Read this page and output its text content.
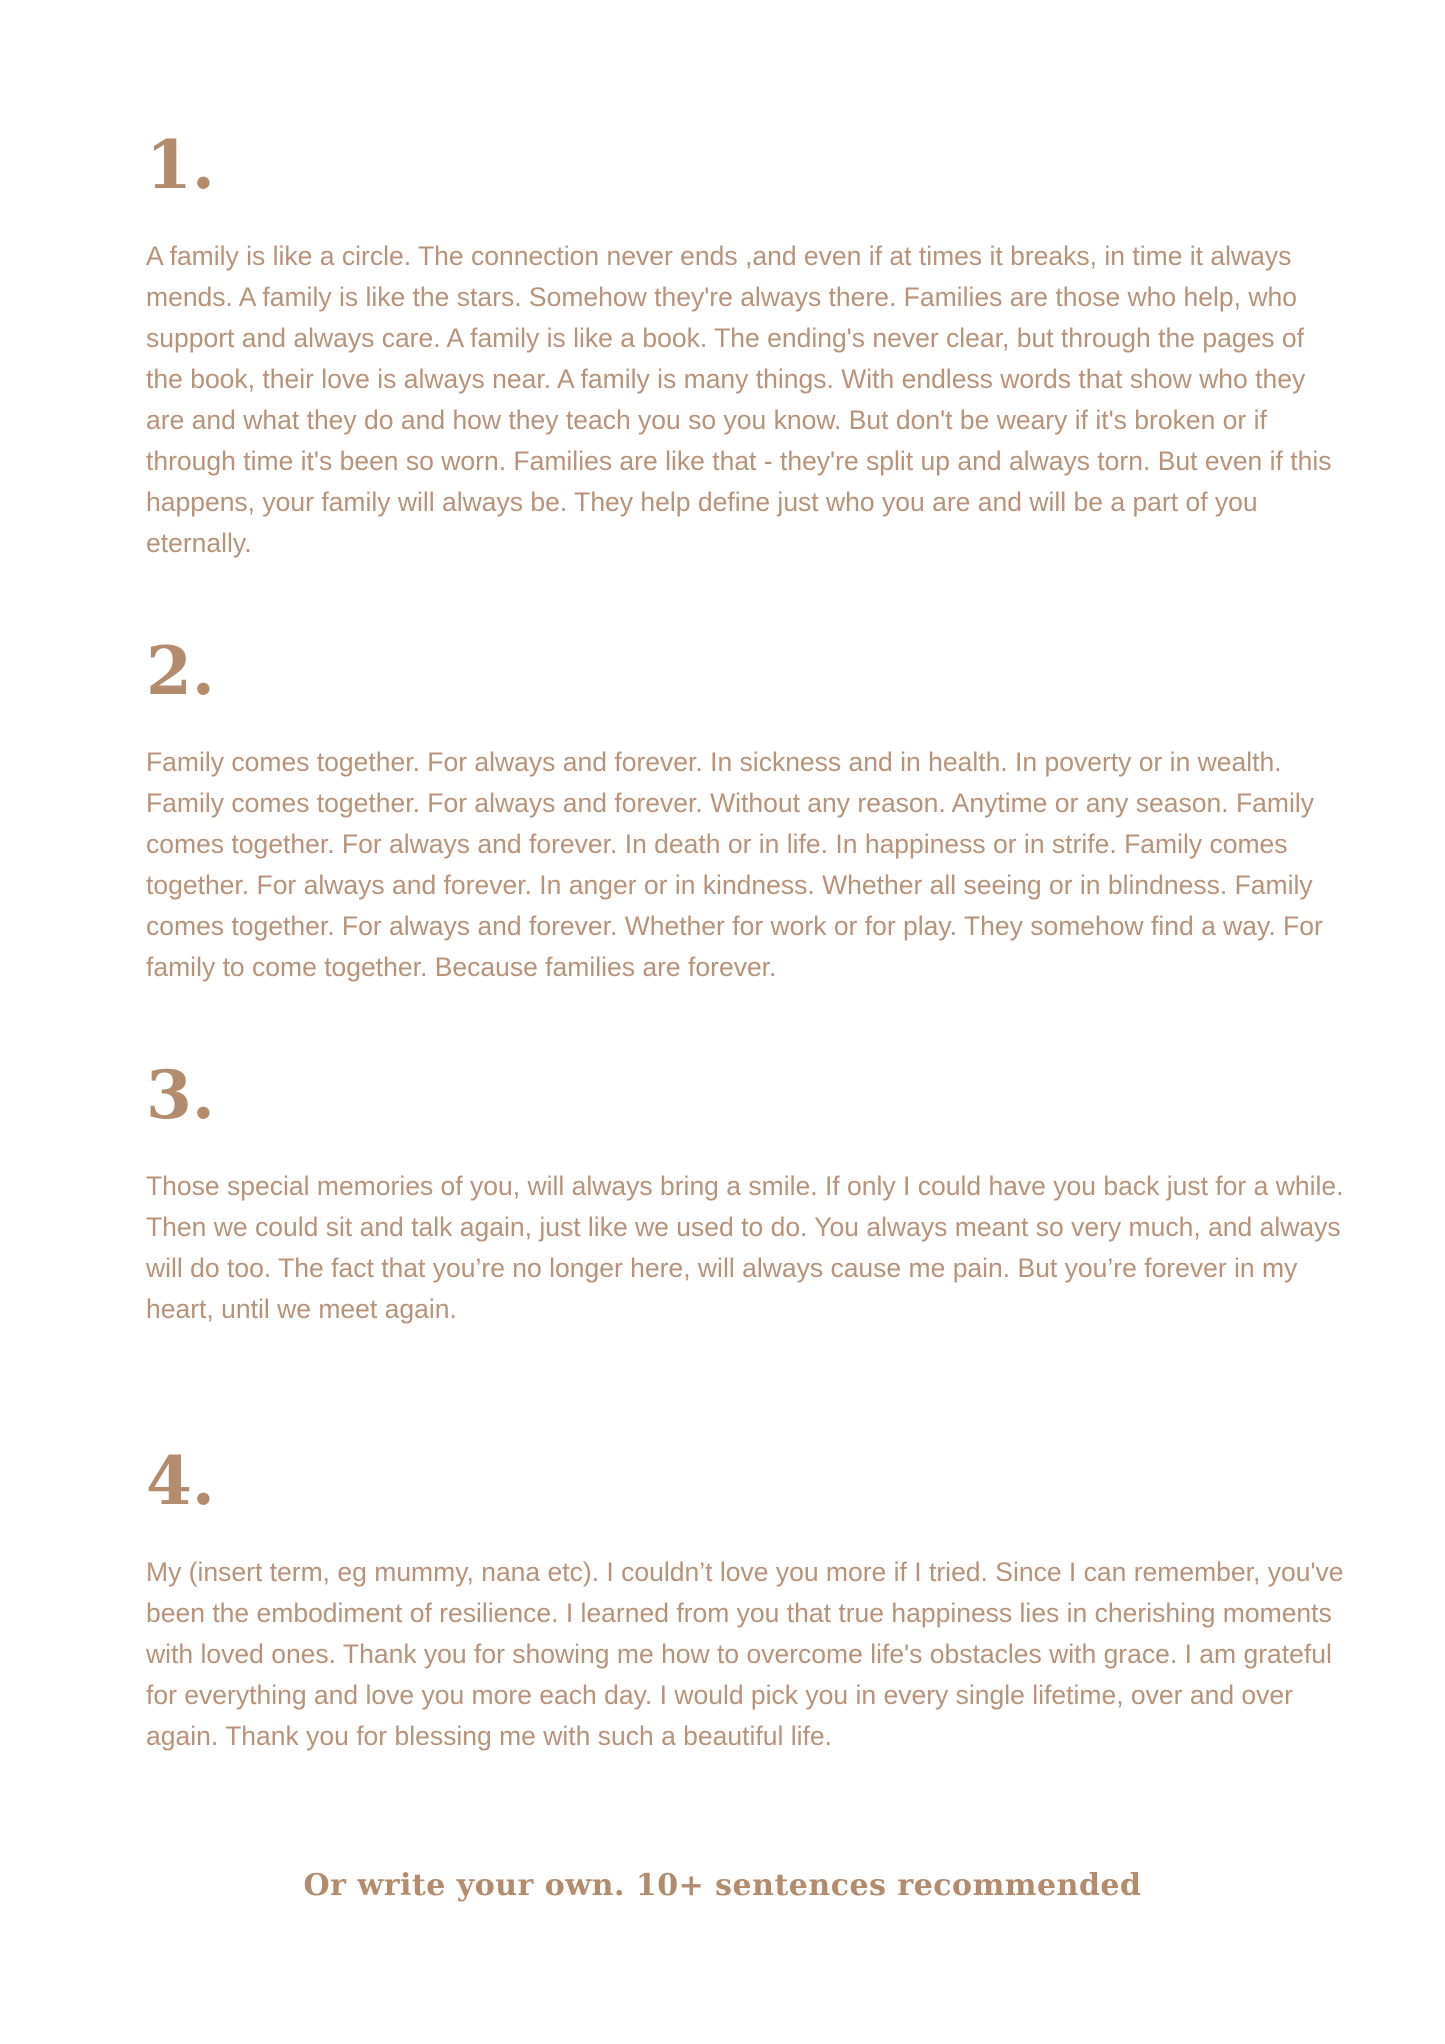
1.

A family is like a circle. The connection never ends ,and even if at times it breaks, in time it always mends. A family is like the stars. Somehow they're always there. Families are those who help, who support and always care. A family is like a book. The ending's never clear, but through the pages of the book, their love is always near. A family is many things. With endless words that show who they are and what they do and how they teach you so you know. But don't be weary if it's broken or if through time it's been so worn. Families are like that - they're split up and always torn. But even if this happens, your family will always be. They help define just who you are and will be a part of you eternally.

2.

Family comes together. For always and forever. In sickness and in health. In poverty or in wealth. Family comes together. For always and forever. Without any reason. Anytime or any season. Family comes together. For always and forever. In death or in life. In happiness or in strife. Family comes together. For always and forever. In anger or in kindness. Whether all seeing or in blindness. Family comes together. For always and forever. Whether for work or for play. They somehow find a way. For family to come together. Because families are forever.

3.

Those special memories of you, will always bring a smile. If only I could have you back just for a while. Then we could sit and talk again, just like we used to do. You always meant so very much, and always will do too. The fact that you’re no longer here, will always cause me pain. But you’re forever in my heart, until we meet again.

4.

My (insert term, eg mummy, nana etc). I couldn’t love you more if I tried. Since I can remember, you've been the embodiment of resilience. I learned from you that true happiness lies in cherishing moments with loved ones. Thank you for showing me how to overcome life's obstacles with grace. I am grateful for everything and love you more each day. I would pick you in every single lifetime, over and over again. Thank you for blessing me with such a beautiful life.

Or write your own. 10+ sentences recommended
